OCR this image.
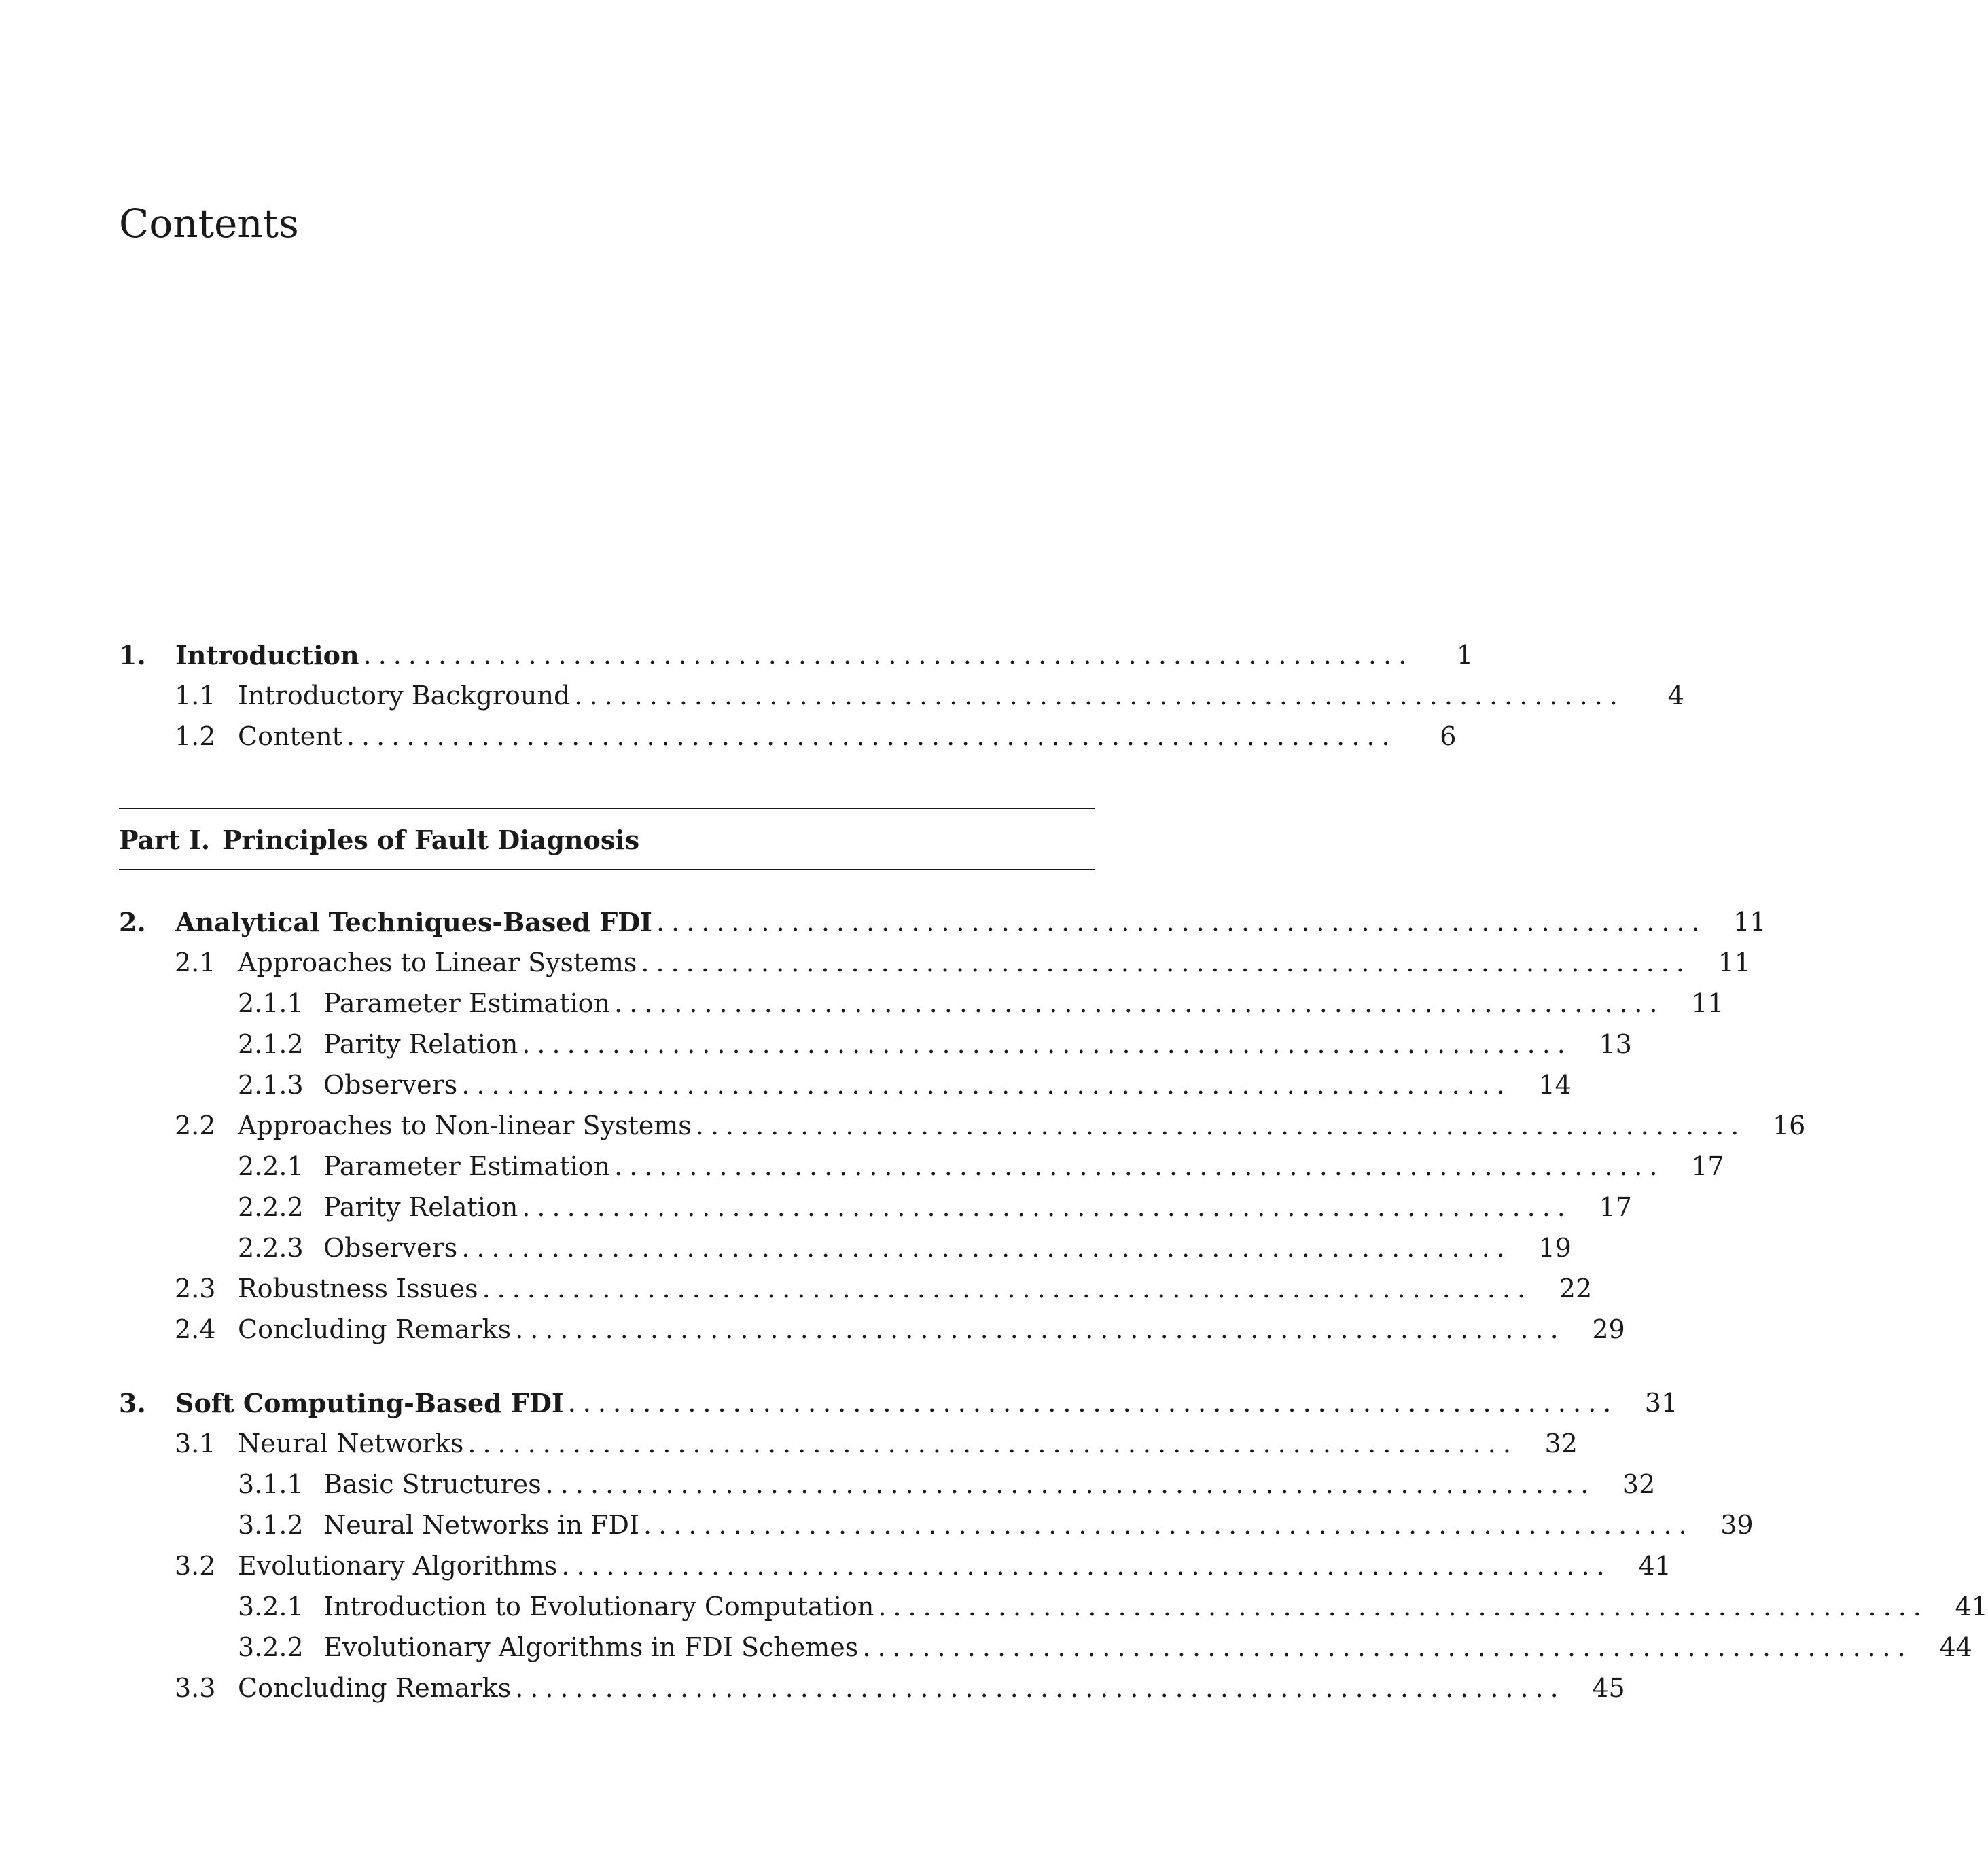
Contents
1.	Introduction ......................................................................	1
1.1 Introductory Background ......................................................................	4
1.2 Content ......................................................................	6
Part I. Principles of Fault Diagnosis
2.	Analytical Techniques-Based FDI ......................................................................	11
2.1 Approaches to Linear Systems ......................................................................	11
2.1.1 Parameter Estimation ......................................................................	11
2.1.2 Parity Relation ......................................................................	13
2.1.3 Observers ......................................................................	14
2.2 Approaches to Non-linear Systems ......................................................................	16
2.2.1 Parameter Estimation ......................................................................	17
2.2.2 Parity Relation ......................................................................	17
2.2.3 Observers ......................................................................	19
2.3 Robustness Issues ......................................................................	22
2.4 Concluding Remarks ......................................................................	29
3.	Soft Computing-Based FDI ......................................................................	31
3.1 Neural Networks ......................................................................	32
3.1.1 Basic Structures ......................................................................	32
3.1.2 Neural Networks in FDI ......................................................................	39
3.2 Evolutionary Algorithms ......................................................................	41
3.2.1 Introduction to Evolutionary Computation ......................................................................	41
3.2.2 Evolutionary Algorithms in FDI Schemes ......................................................................	44
3.3 Concluding Remarks ......................................................................	45
